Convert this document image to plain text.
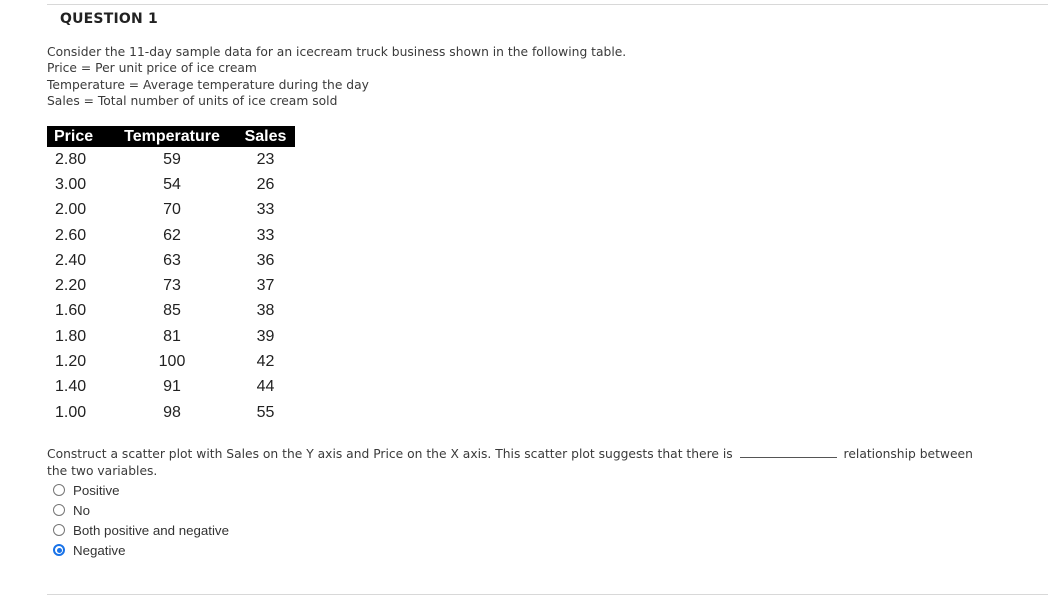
QUESTION 1
Consider the 11-day sample data for an icecream truck business shown in the following table.
Price = Per unit price of ice cream
Temperature = Average temperature during the day
Sales = Total number of units of ice cream sold
Price	Temperature	Sales
2.80	59	23
3.00	54	26
2.00	70	33
2.60	62	33
2.40	63	36
2.20	73	37
1.60	85	38
1.80	81	39
1.20	100	42
1.40	91	44
1.00	98	55
Construct a scatter plot with Sales on the Y axis and Price on the X axis. This scatter plot suggests that there is	relationship between the two variables.
Positive
No
Both positive and negative
Negative
